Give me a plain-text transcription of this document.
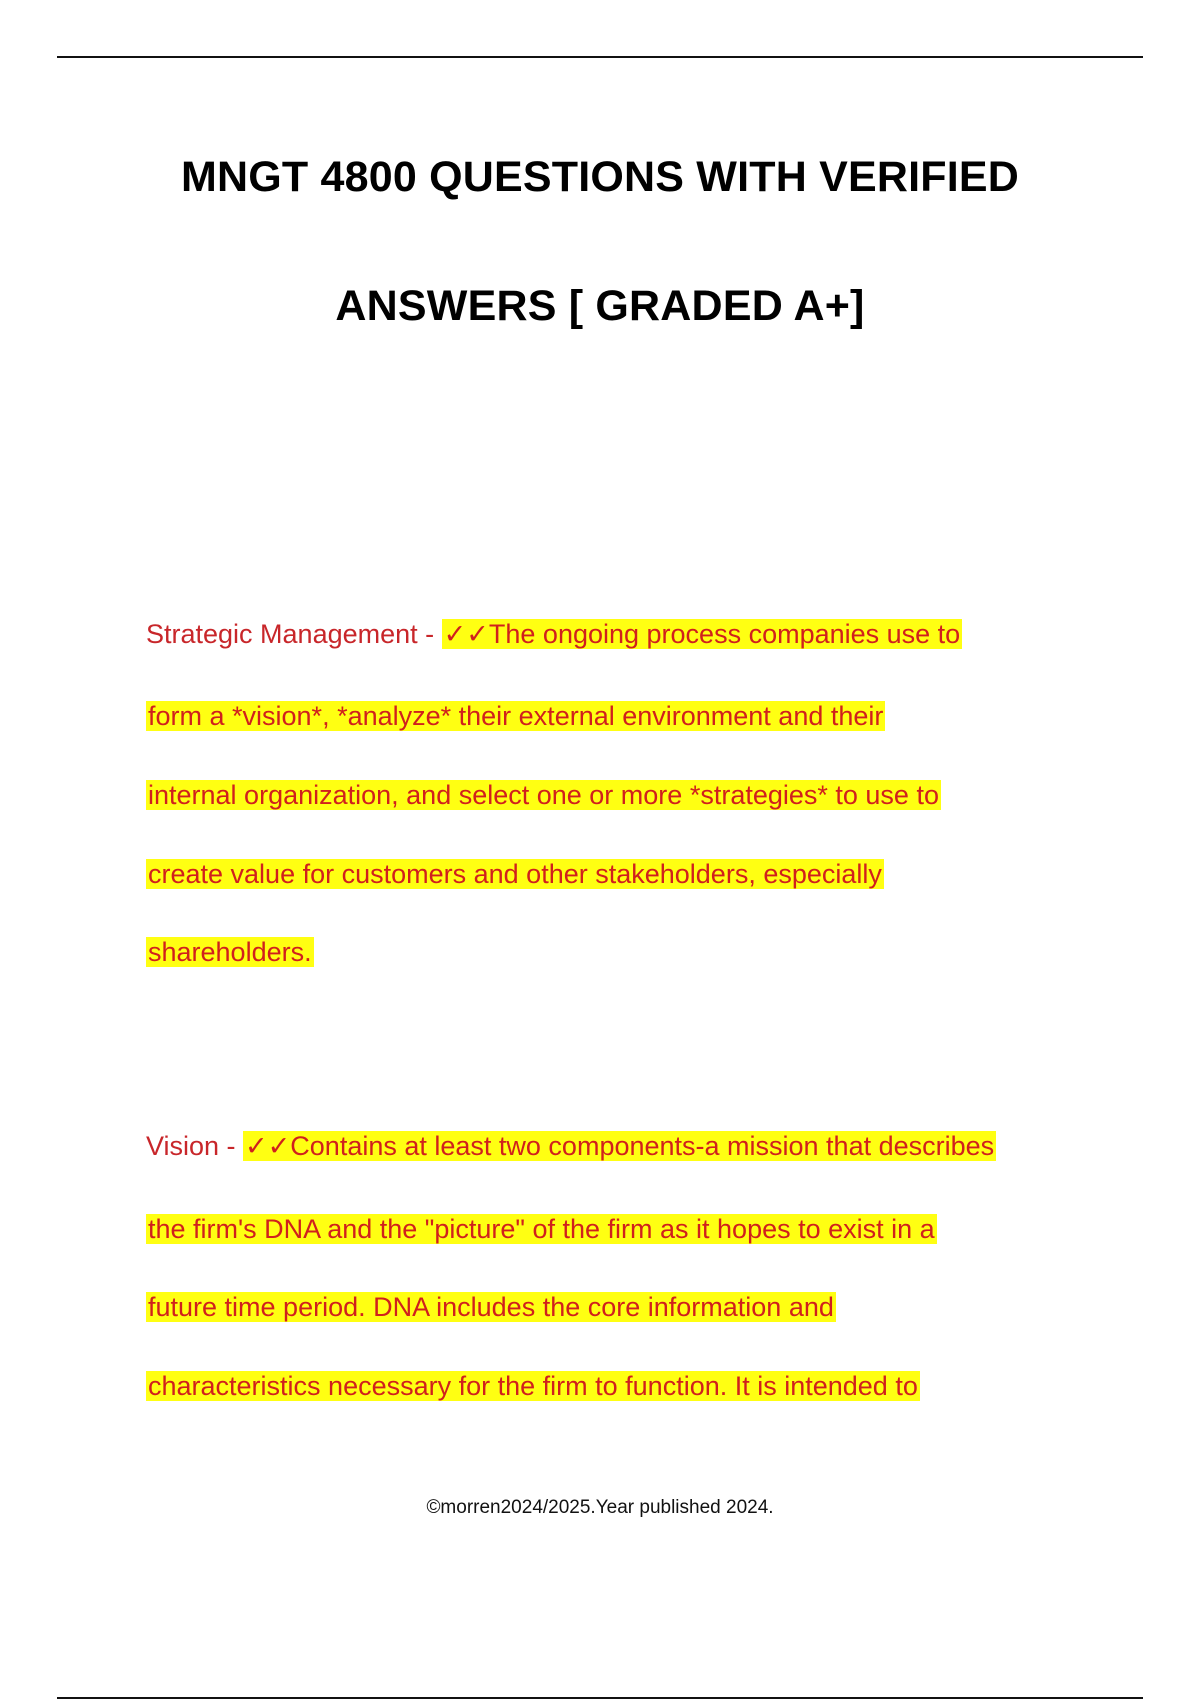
MNGT 4800 QUESTIONS WITH VERIFIED
ANSWERS [ GRADED A+]
Strategic Management - ✓✓The ongoing process companies use to
form a *vision*, *analyze* their external environment and their
internal organization, and select one or more *strategies* to use to
create value for customers and other stakeholders, especially
shareholders.
Vision - ✓✓Contains at least two components-a mission that describes
the firm's DNA and the "picture" of the firm as it hopes to exist in a
future time period. DNA includes the core information and
characteristics necessary for the firm to function. It is intended to
©morren2024/2025.Year published 2024.
